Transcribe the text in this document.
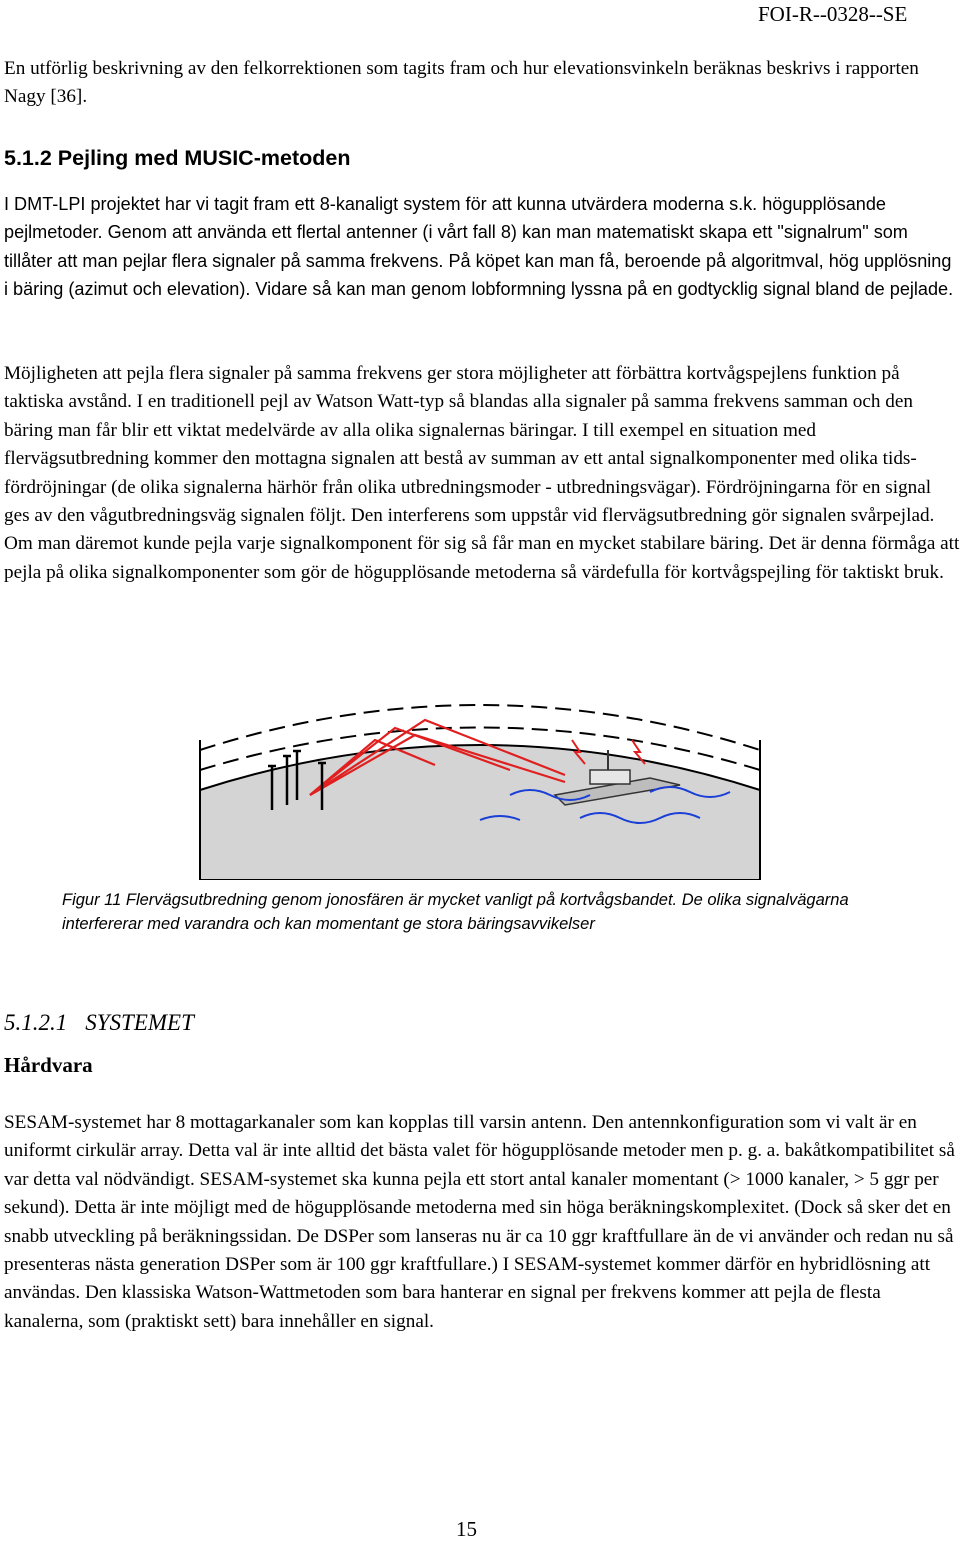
FOI-R--0328--SE
En utförlig beskrivning av den felkorrektionen som tagits fram och hur elevationsvinkeln beräknas beskrivs i rapporten Nagy [36].
5.1.2 Pejling med MUSIC-metoden
I DMT-LPI projektet har vi tagit fram ett 8-kanaligt system för att kunna utvärdera moderna s.k. högupplösande pejlmetoder. Genom att använda ett flertal antenner (i vårt fall 8) kan man matematiskt skapa ett "signalrum" som tillåter att man pejlar flera signaler på samma frekvens. På köpet kan man få, beroende på algoritmval, hög upplösning i bäring (azimut och elevation). Vidare så kan man genom lobformning lyssna på en godtycklig signal bland de pejlade.
Möjligheten att pejla flera signaler på samma frekvens ger stora möjligheter att förbättra kortvågspejlens funktion på taktiska avstånd. I en traditionell pejl av Watson Watt-typ så blandas alla signaler på samma frekvens samman och den bäring man får blir ett viktat medelvärde av alla olika signalernas bäringar. I till exempel en situation med flervägsutbredning kommer den mottagna signalen att bestå av summan av ett antal signalkomponenter med olika tids-fördröjningar (de olika signalerna härhör från olika utbredningsmoder - utbredningsvägar). Fördröjningarna för en signal ges av den vågutbredningsväg signalen följt. Den interferens som uppstår vid flervägsutbredning gör signalen svårpejlad. Om man däremot kunde pejla varje signalkomponent för sig så får man en mycket stabilare bäring. Det är denna förmåga att pejla på olika signalkomponenter som gör de högupplösande metoderna så värdefulla för kortvågspejling för taktiskt bruk.
Figur 11 Flervägsutbredning genom jonosfären är mycket vanligt på kortvågsbandet. De olika signalvägarna interfererar med varandra och kan momentant ge stora bäringsavvikelser
5.1.2.1 SYSTEMET
Hårdvara
SESAM-systemet har 8 mottagarkanaler som kan kopplas till varsin antenn. Den antennkonfiguration som vi valt är en uniformt cirkulär array. Detta val är inte alltid det bästa valet för högupplösande metoder men p. g. a. bakåtkompatibilitet så var detta val nödvändigt. SESAM-systemet ska kunna pejla ett stort antal kanaler momentant (> 1000 kanaler, > 5 ggr per sekund). Detta är inte möjligt med de högupplösande metoderna med sin höga beräkningskomplexitet. (Dock så sker det en snabb utveckling på beräkningssidan. De DSPer som lanseras nu är ca 10 ggr kraftfullare än de vi använder och redan nu så presenteras nästa generation DSPer som är 100 ggr kraftfullare.) I SESAM-systemet kommer därför en hybridlösning att användas. Den klassiska Watson-Wattmetoden som bara hanterar en signal per frekvens kommer att pejla de flesta kanalerna, som (praktiskt sett) bara innehåller en signal.
15
